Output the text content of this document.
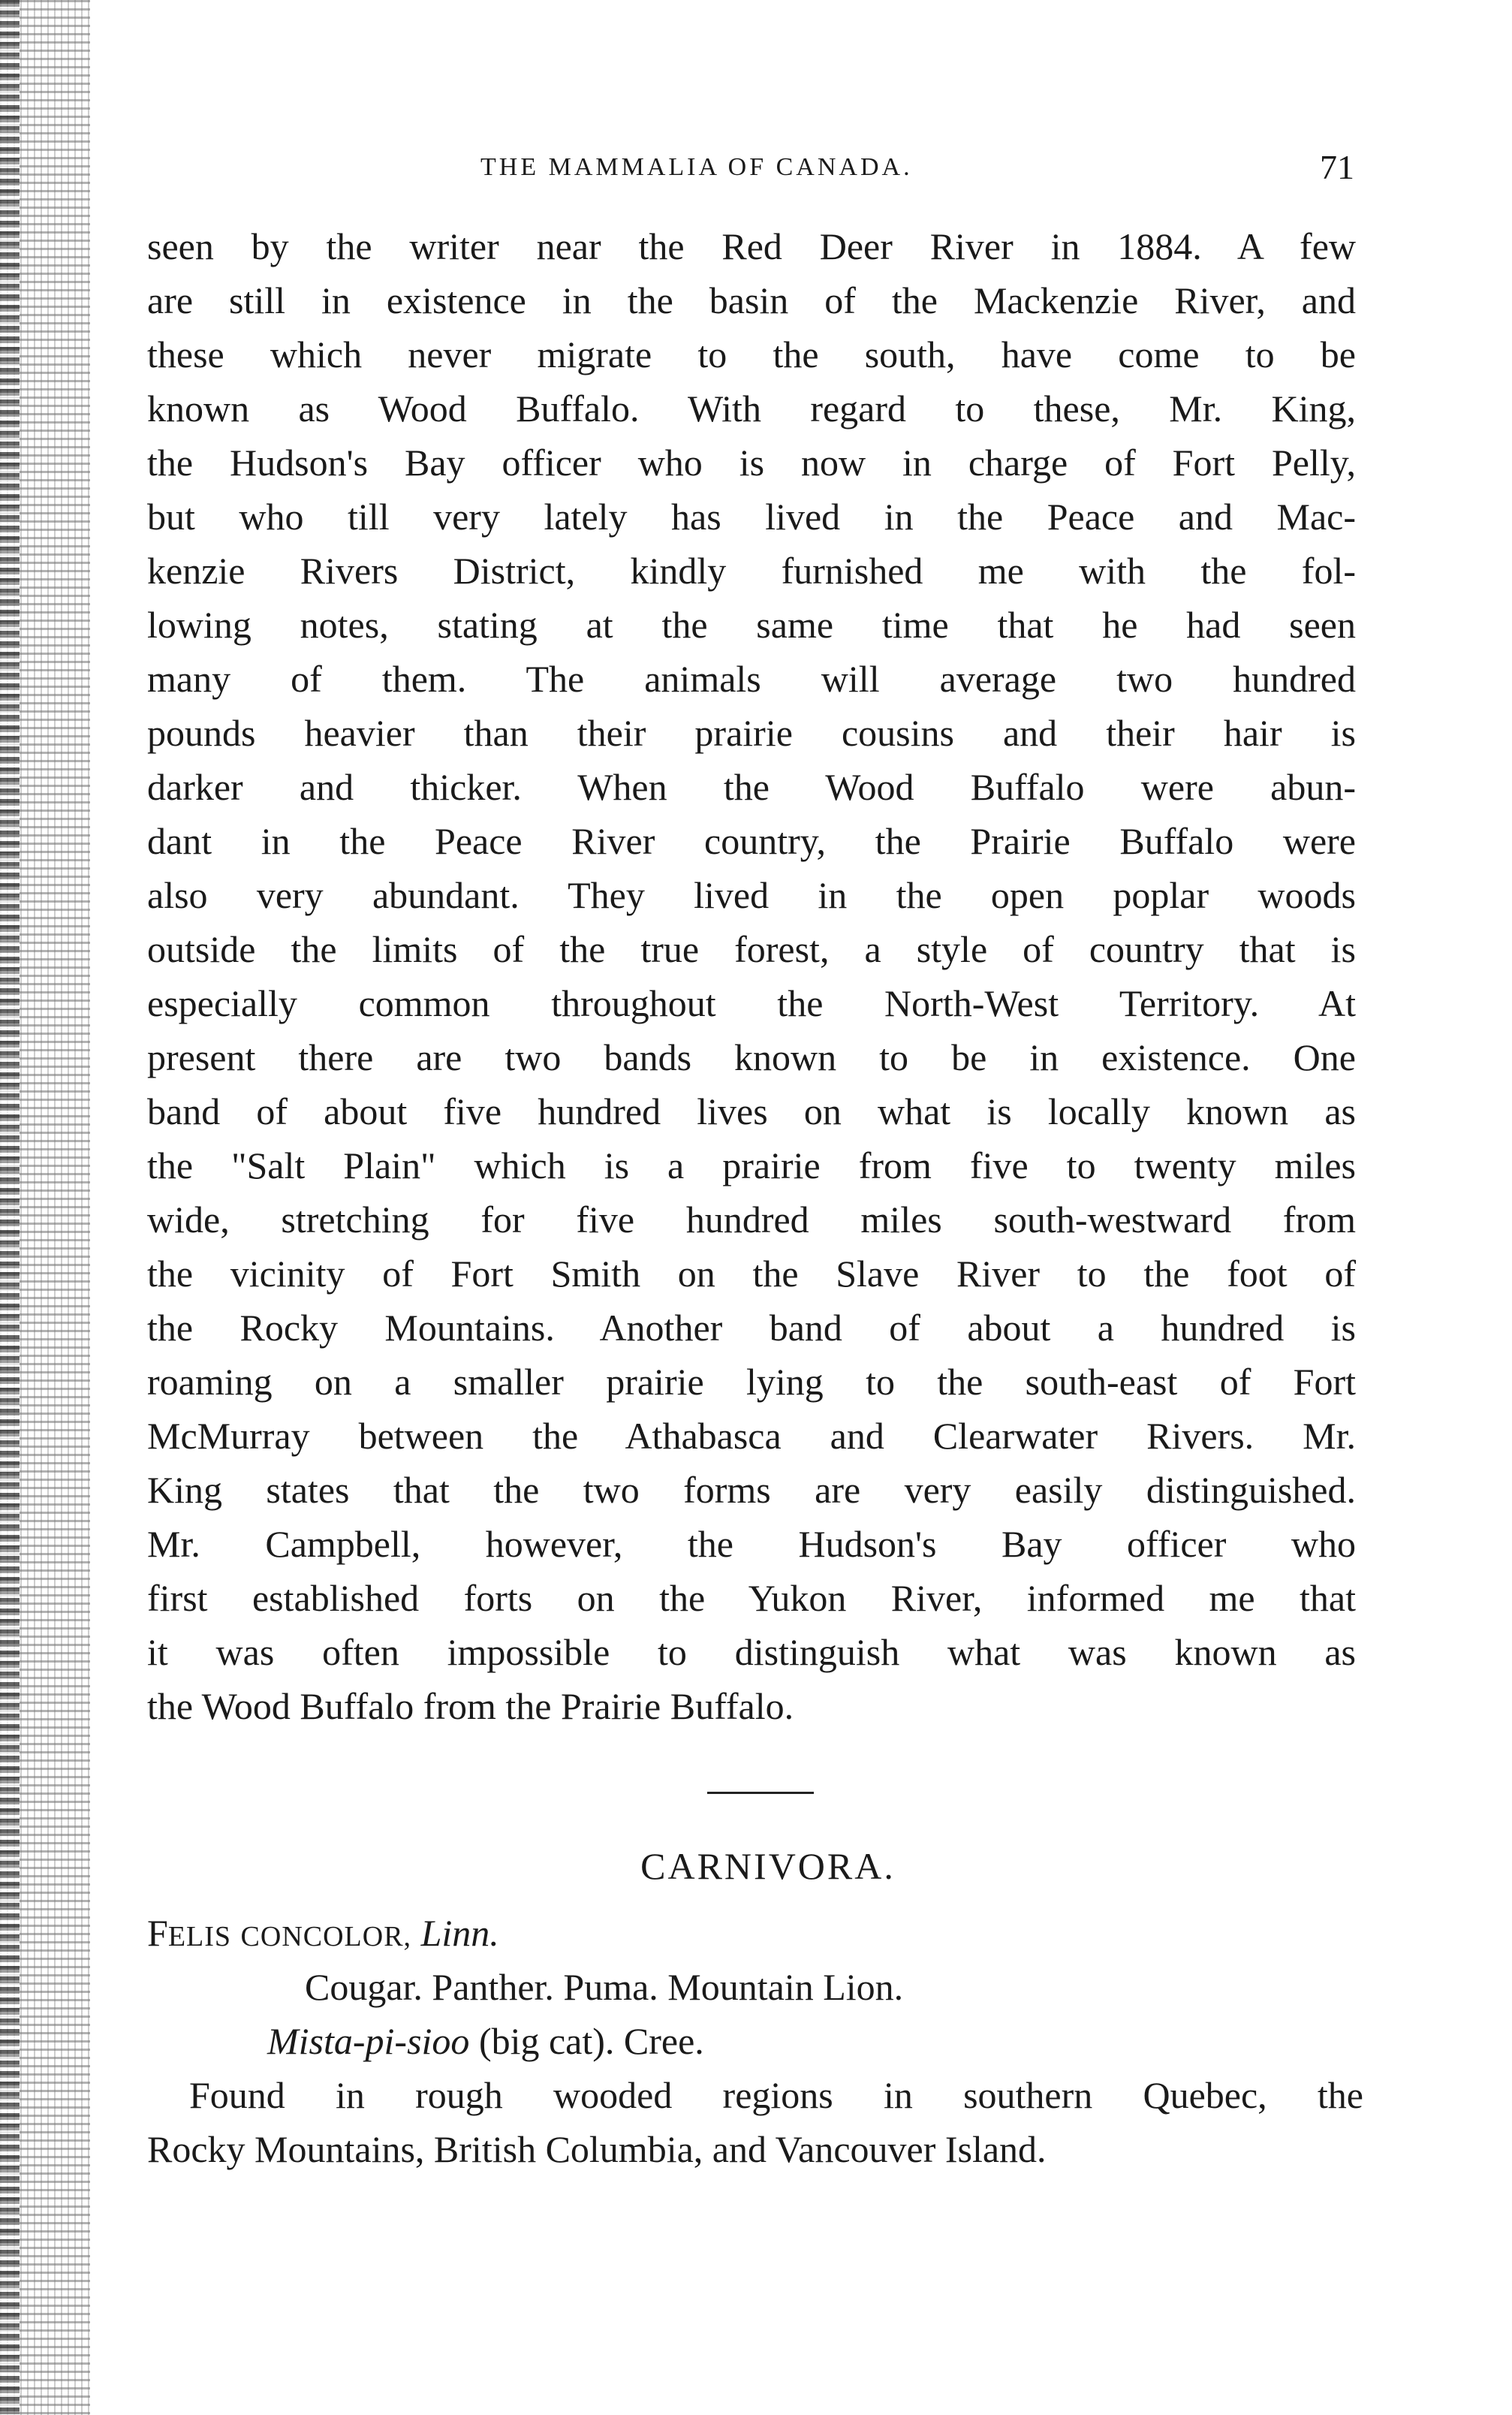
THE MAMMALIA OF CANADA.	71
seen by the writer near the Red Deer River in 1884. A few
are still in existence in the basin of the Mackenzie River, and
these which never migrate to the south, have come to be
known as Wood Buffalo. With regard to these, Mr. King,
the Hudson's Bay officer who is now in charge of Fort Pelly,
but who till very lately has lived in the Peace and Mac-
kenzie Rivers District, kindly furnished me with the fol-
lowing notes, stating at the same time that he had seen
many of them. The animals will average two hundred
pounds heavier than their prairie cousins and their hair is
darker and thicker. When the Wood Buffalo were abun-
dant in the Peace River country, the Prairie Buffalo were
also very abundant. They lived in the open poplar woods
outside the limits of the true forest, a style of country that is
especially common throughout the North-West Territory. At
present there are two bands known to be in existence. One
band of about five hundred lives on what is locally known as
the "Salt Plain" which is a prairie from five to twenty miles
wide, stretching for five hundred miles south-westward from
the vicinity of Fort Smith on the Slave River to the foot of
the Rocky Mountains. Another band of about a hundred is
roaming on a smaller prairie lying to the south-east of Fort
McMurray between the Athabasca and Clearwater Rivers. Mr.
King states that the two forms are very easily distinguished.
Mr. Campbell, however, the Hudson's Bay officer who
first established forts on the Yukon River, informed me that
it was often impossible to distinguish what was known as
the Wood Buffalo from the Prairie Buffalo.
CARNIVORA.
FELIS CONCOLOR, Linn.
Cougar. Panther. Puma. Mountain Lion.
Mista-pi-sioo (big cat). Cree.
Found in rough wooded regions in southern Quebec, the
Rocky Mountains, British Columbia, and Vancouver Island.
